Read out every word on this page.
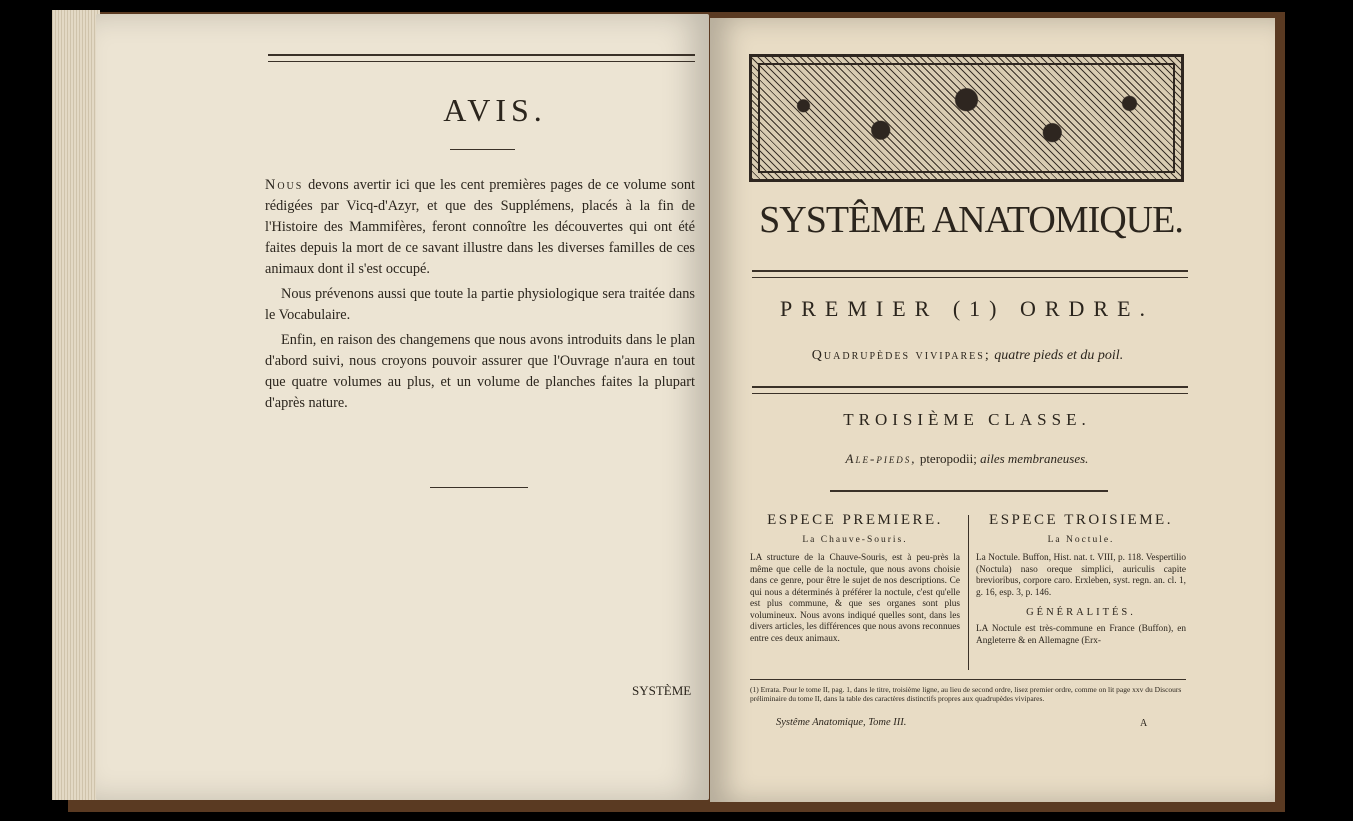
AVIS.

Nous devons avertir ici que les cent premières pages de ce volume sont rédigées par Vicq-d'Azyr, et que des Supplémens, placés à la fin de l'Histoire des Mammifères, feront connoître les découvertes qui ont été faites depuis la mort de ce savant illustre dans les diverses familles de ces animaux dont il s'est occupé.

Nous prévenons aussi que toute la partie physiologique sera traitée dans le Vocabulaire.

Enfin, en raison des changemens que nous avons introduits dans le plan d'abord suivi, nous croyons pouvoir assurer que l'Ouvrage n'aura en tout que quatre volumes au plus, et un volume de planches faites la plupart d'après nature.

SYSTÈME
SYSTÊME ANATOMIQUE.
PREMIER (1) ORDRE.
Quadrupèdes vivipares; quatre pieds et du poil.
TROISIÈME CLASSE.
Ale-pieds, pteropodii; ailes membraneuses.
ESPECE PREMIERE.
La Chauve-Souris.
LA structure de la Chauve-Souris, est à peu-près la même que celle de la noctule, que nous avons choisie dans ce genre, pour être le sujet de nos descriptions. Ce qui nous a déterminés à préférer la noctule, c'est qu'elle est plus commune, & que ses organes sont plus volumineux. Nous avons indiqué quelles sont, dans les divers articles, les différences que nous avons reconnues entre ces deux animaux.
ESPECE TROISIEME.
La Noctule.
La Noctule. Buffon, Hist. nat. t. VIII, p. 118. Vespertilio (Noctula) naso oreque simplici, auriculis capite brevioribus, corpore caro. Erxleben, syst. regn. an. cl. 1, g. 16, esp. 3, p. 146.
GÉNÉRALITÉS.
LA Noctule est très-commune en France (Buffon), en Angleterre & en Allemagne (Erx-
(1) Errata. Pour le tome II, pag. 1, dans le titre, troisième ligne, au lieu de second ordre, lisez premier ordre, comme on lit page xxv du Discours préliminaire du tome II, dans la table des caractères distinctifs propres aux quadrupèdes vivipares.
Systême Anatomique, Tome III.	A
